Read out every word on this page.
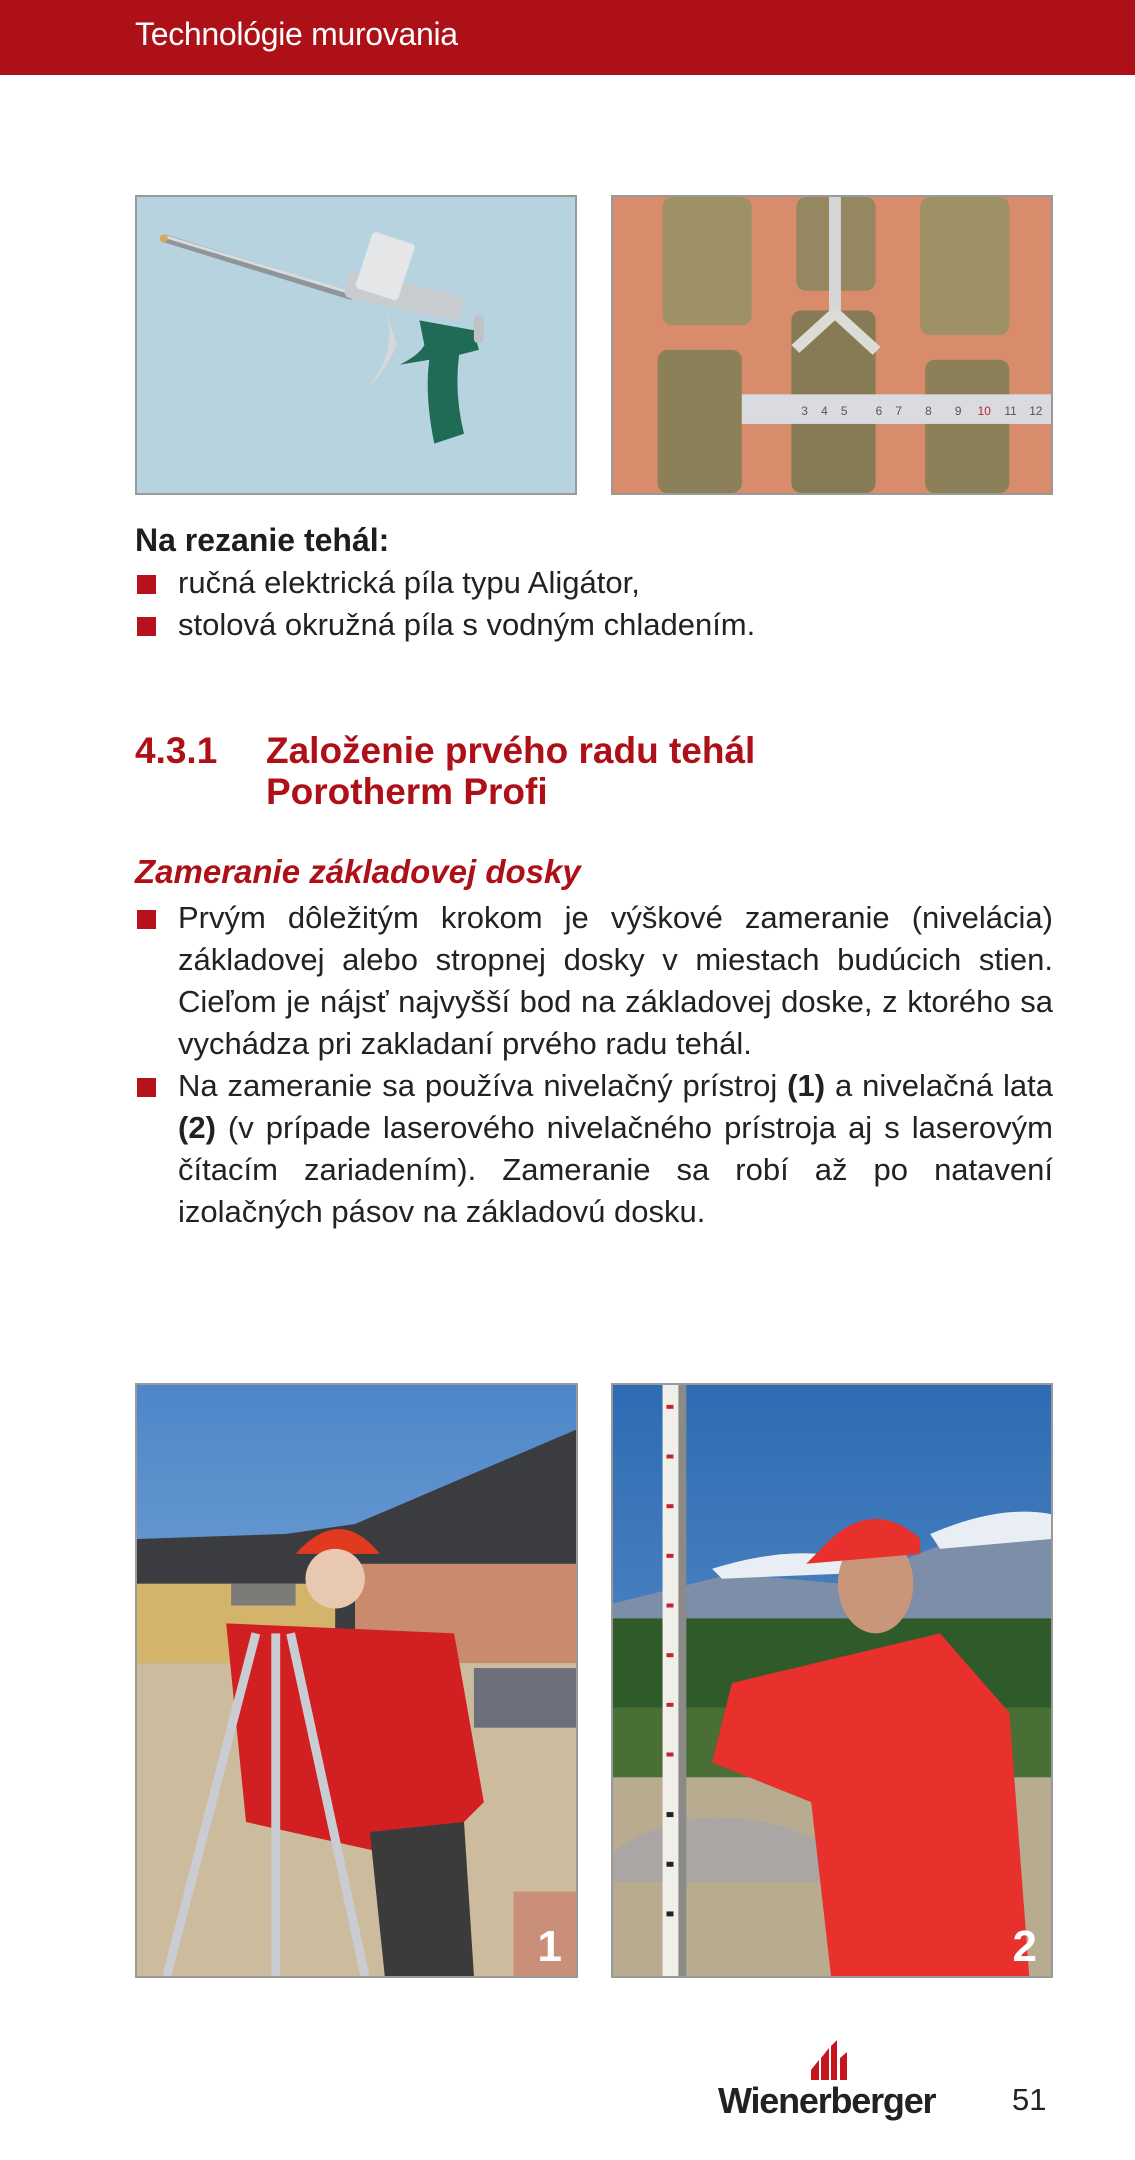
Technológie murovania
3 4 5 6 7 8 9	11 12
10
Na rezanie tehál:
ručná elektrická píla typu Aligátor,
stolová okružná píla s vodným chladením.
4.3.1 Založenie prvého radu tehál
Porotherm Profi
Zameranie základovej dosky
Prvým dôležitým krokom je výškové zameranie (nivelácia) základovej alebo stropnej dosky v miestach budúcich stien. Cieľom je nájsť najvyšší bod na základovej doske, z ktorého sa vychádza pri zakladaní prvého radu tehál.
Na zameranie sa používa nivelačný prístroj (1) a nivelačná lata (2) (v prípade laserového nivelačného prístroja aj s laserovým čítacím zariadením). Zameranie sa robí až po natavení izolačných pásov na základovú dosku.
1	2
Wienerberger 51
